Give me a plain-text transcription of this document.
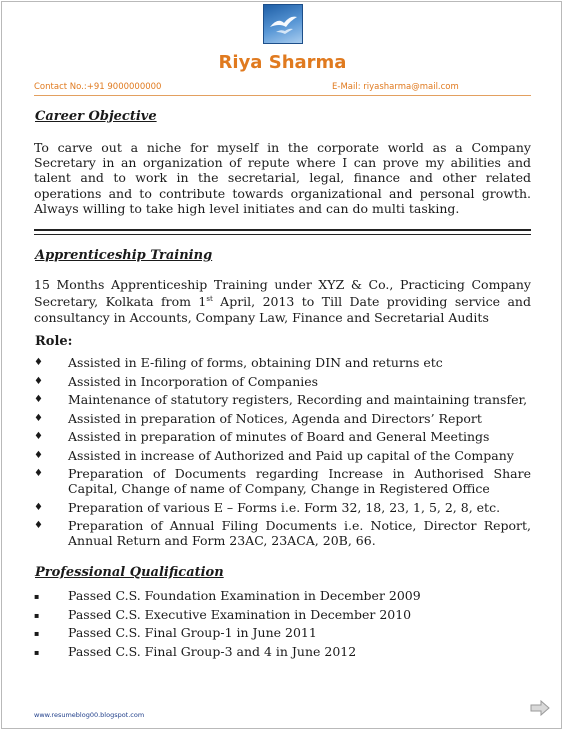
Riya Sharma
Contact No.:+91 9000000000	E-Mail: riyasharma@mail.com
Career Objective

To carve out a niche for myself in the corporate world as a Company Secretary in an organization of repute where I can prove my abilities and talent and to work in the secretarial, legal, finance and other related operations and to contribute towards organizational and personal growth. Always willing to take high level initiates and can do multi tasking.

Apprenticeship Training

15 Months Apprenticeship Training under XYZ & Co., Practicing Company Secretary, Kolkata from 1st April, 2013 to Till Date providing service and consultancy in Accounts, Company Law, Finance and Secretarial Audits

Role:
♦ Assisted in E-filing of forms, obtaining DIN and returns etc
♦ Assisted in Incorporation of Companies
♦ Maintenance of statutory registers, Recording and maintaining transfer,
♦ Assisted in preparation of Notices, Agenda and Directors’ Report
♦ Assisted in preparation of minutes of Board and General Meetings
♦ Assisted in increase of Authorized and Paid up capital of the Company
♦ Preparation of Documents regarding Increase in Authorised Share Capital, Change of name of Company, Change in Registered Office
♦ Preparation of various E – Forms i.e. Form 32, 18, 23, 1, 5, 2, 8, etc.
♦ Preparation of Annual Filing Documents i.e. Notice, Director Report, Annual Return and Form 23AC, 23ACA, 20B, 66.
Professional Qualification
▪ Passed C.S. Foundation Examination in December 2009
▪ Passed C.S. Executive Examination in December 2010
▪ Passed C.S. Final Group-1 in June 2011
▪ Passed C.S. Final Group-3 and 4 in June 2012
www.resumeblog00.blogspot.com
